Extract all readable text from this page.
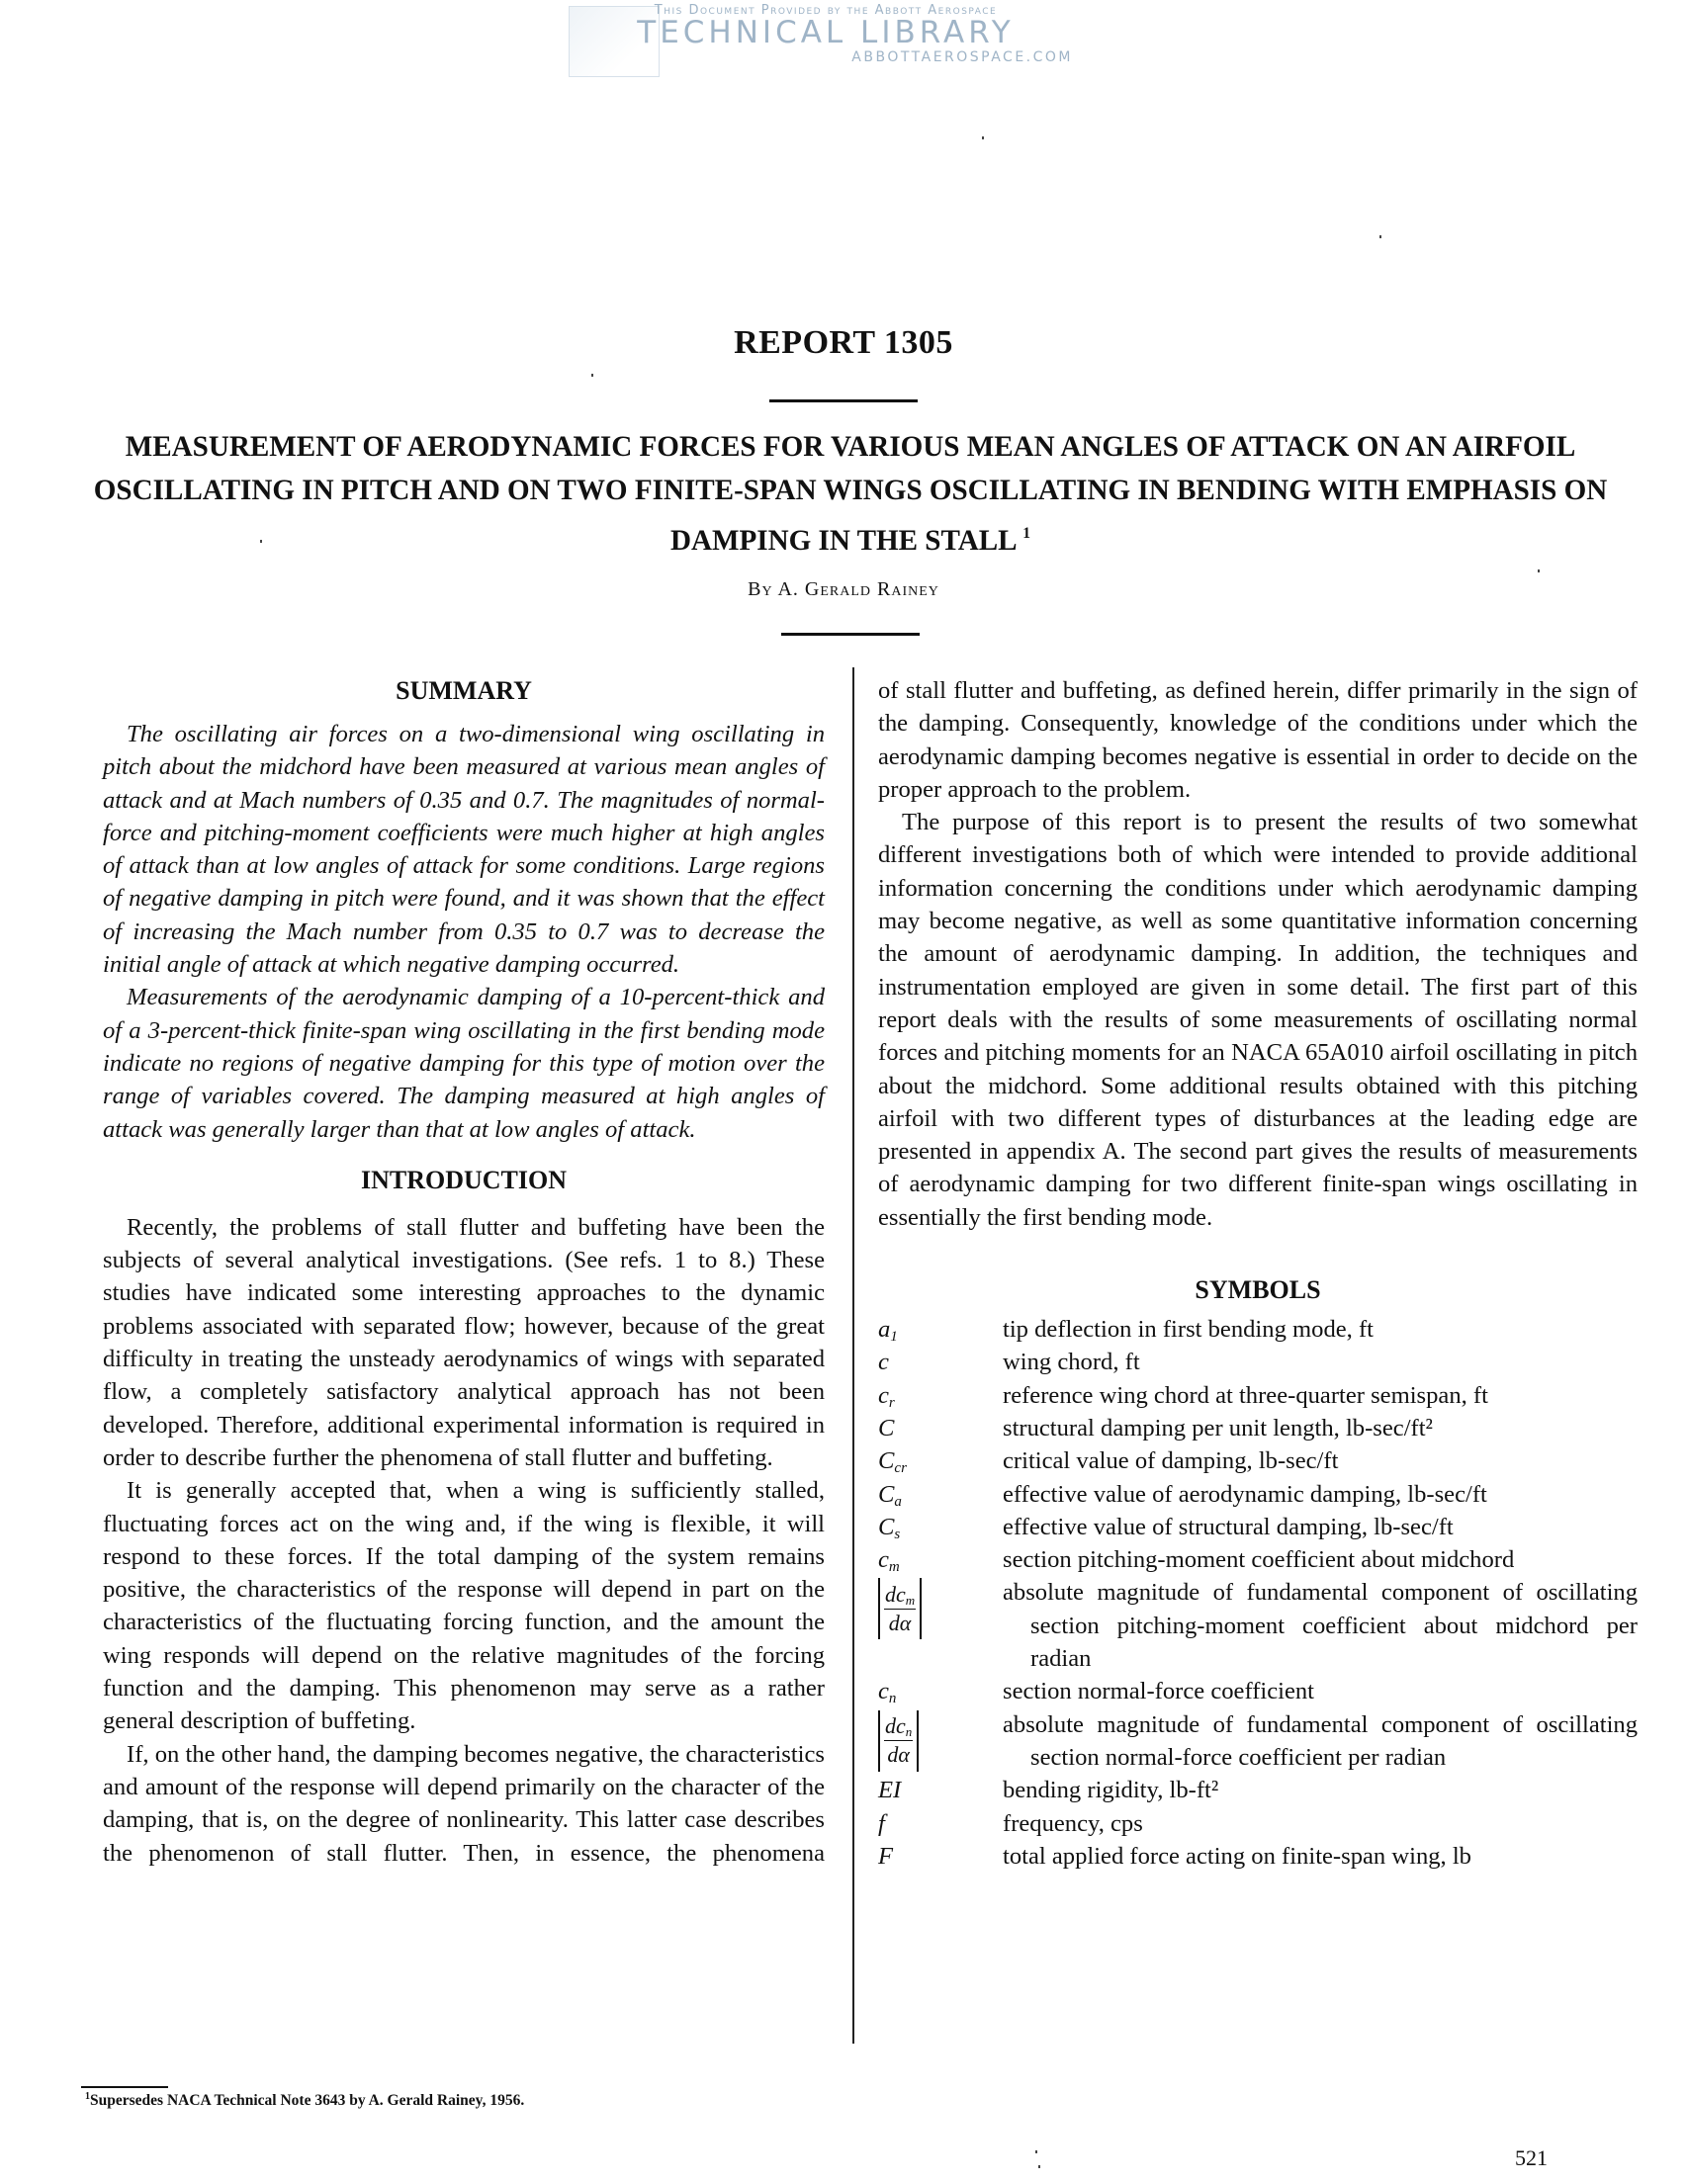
This Document Provided by the Abbott Aerospace
TECHNICAL LIBRARY
ABBOTTAEROSPACE.COM
REPORT 1305
MEASUREMENT OF AERODYNAMIC FORCES FOR VARIOUS MEAN ANGLES OF ATTACK ON AN AIRFOIL OSCILLATING IN PITCH AND ON TWO FINITE-SPAN WINGS OSCILLATING IN BENDING WITH EMPHASIS ON DAMPING IN THE STALL $^1$
By A. Gerald Rainey
SUMMARY

The oscillating air forces on a two-dimensional wing oscillating in pitch about the midchord have been measured at various mean angles of attack and at Mach numbers of 0.35 and 0.7. The magnitudes of normal-force and pitching-moment coefficients were much higher at high angles of attack than at low angles of attack for some conditions. Large regions of negative damping in pitch were found, and it was shown that the effect of increasing the Mach number from 0.35 to 0.7 was to decrease the initial angle of attack at which negative damping occurred.

Measurements of the aerodynamic damping of a 10-percent-thick and of a 3-percent-thick finite-span wing oscillating in the first bending mode indicate no regions of negative damping for this type of motion over the range of variables covered. The damping measured at high angles of attack was generally larger than that at low angles of attack.

INTRODUCTION

Recently, the problems of stall flutter and buffeting have been the subjects of several analytical investigations. (See refs. 1 to 8.) These studies have indicated some interesting approaches to the dynamic problems associated with separated flow; however, because of the great difficulty in treating the unsteady aerodynamics of wings with separated flow, a completely satisfactory analytical approach has not been developed. Therefore, additional experimental information is required in order to describe further the phenomena of stall flutter and buffeting.

It is generally accepted that, when a wing is sufficiently stalled, fluctuating forces act on the wing and, if the wing is flexible, it will respond to these forces. If the total damping of the system remains positive, the characteristics of the response will depend in part on the characteristics of the fluctuating forcing function, and the amount the wing responds will depend on the relative magnitudes of the forcing function and the damping. This phenomenon may serve as a rather general description of buffeting.

If, on the other hand, the damping becomes negative, the characteristics and amount of the response will depend primarily on the character of the damping, that is, on the degree of nonlinearity. This latter case describes the phenomenon of stall flutter. Then, in essence, the phenomena

of stall flutter and buffeting, as defined herein, differ primarily in the sign of the damping. Consequently, knowledge of the conditions under which the aerodynamic damping becomes negative is essential in order to decide on the proper approach to the problem.

The purpose of this report is to present the results of two somewhat different investigations both of which were intended to provide additional information concerning the conditions under which aerodynamic damping may become negative, as well as some quantitative information concerning the amount of aerodynamic damping. In addition, the techniques and instrumentation employed are given in some detail. The first part of this report deals with the results of some measurements of oscillating normal forces and pitching moments for an NACA 65A010 airfoil oscillating in pitch about the midchord. Some additional results obtained with this pitching airfoil with two different types of disturbances at the leading edge are presented in appendix A. The second part gives the results of measurements of aerodynamic damping for two different finite-span wings oscillating in essentially the first bending mode.

SYMBOLS
$a_1$	tip deflection in first bending mode, ft
c	wing chord, ft
$c_r$	reference wing chord at three-quarter semispan, ft
C	structural damping per unit length, lb-sec/ft²
$C_{cr}$	critical value of damping, lb-sec/ft
$C_a$	effective value of aerodynamic damping, lb-sec/ft
$C_s$	effective value of structural damping, lb-sec/ft
$c_m$	section pitching-moment coefficient about midchord
$\frac{dc_m}{d\alpha}$	absolute magnitude of fundamental component of oscillating section pitching-moment coefficient about midchord per radian
$c_n$	section normal-force coefficient
$\frac{dc_n}{d\alpha}$	absolute magnitude of fundamental component of oscillating section normal-force coefficient per radian
EI	bending rigidity, lb-ft²
f	frequency, cps
F	total applied force acting on finite-span wing, lb
$^1$Supersedes NACA Technical Note 3643 by A. Gerald Rainey, 1956.
521
